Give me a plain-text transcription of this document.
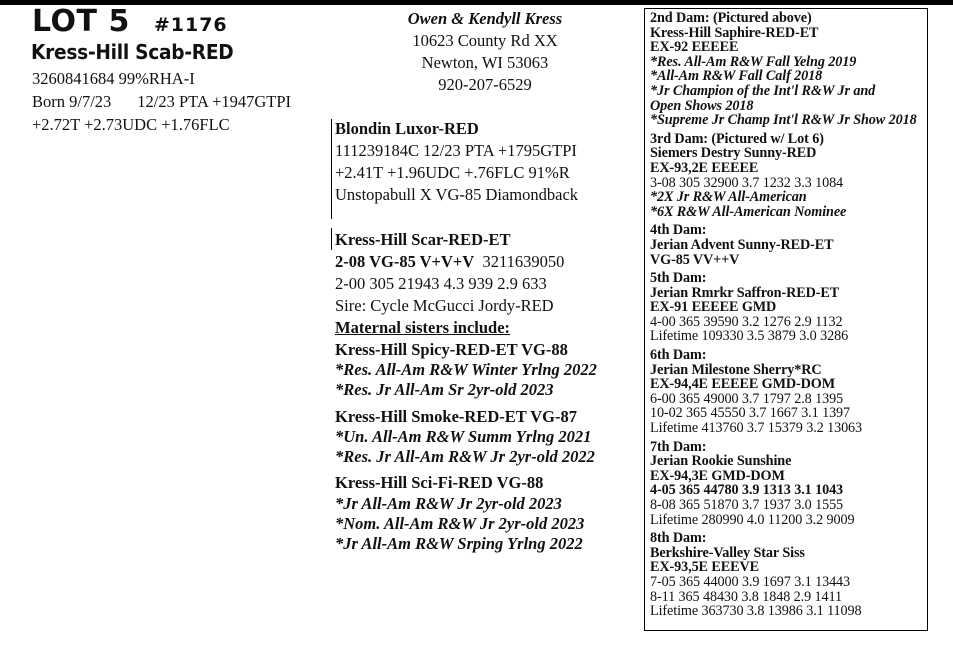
LOT 5 #1176
Kress-Hill Scab-RED
3260841684 99%RHA-I
Born 9/7/23 12/23 PTA +1947GTPI
+2.72T +2.73UDC +1.76FLC
Owen & Kendyll Kress
10623 County Rd XX
Newton, WI 53063
920-207-6529
Blondin Luxor-RED
111239184C 12/23 PTA +1795GTPI
+2.41T +1.96UDC +.76FLC 91%R
Unstopabull X VG-85 Diamondback
Kress-Hill Scar-RED-ET
2-08 VG-85 V+V+V 3211639050
2-00 305 21943 4.3 939 2.9 633
Sire: Cycle McGucci Jordy-RED
Maternal sisters include:
Kress-Hill Spicy-RED-ET VG-88
*Res. All-Am R&W Winter Yrlng 2022
*Res. Jr All-Am Sr 2yr-old 2023
Kress-Hill Smoke-RED-ET VG-87
*Un. All-Am R&W Summ Yrlng 2021
*Res. Jr All-Am R&W Jr 2yr-old 2022
Kress-Hill Sci-Fi-RED VG-88
*Jr All-Am R&W Jr 2yr-old 2023
*Nom. All-Am R&W Jr 2yr-old 2023
*Jr All-Am R&W Srping Yrlng 2022
2nd Dam: (Pictured above)
Kress-Hill Saphire-RED-ET
EX-92 EEEEE
*Res. All-Am R&W Fall Yelng 2019
*All-Am R&W Fall Calf 2018
*Jr Champion of the Int'l R&W Jr and
Open Shows 2018
*Supreme Jr Champ Int'l R&W Jr Show 2018
3rd Dam: (Pictured w/ Lot 6)
Siemers Destry Sunny-RED
EX-93,2E EEEEE
3-08 305 32900 3.7 1232 3.3 1084
*2X Jr R&W All-American
*6X R&W All-American Nominee
4th Dam:
Jerian Advent Sunny-RED-ET
VG-85 VV++V
5th Dam:
Jerian Rmrkr Saffron-RED-ET
EX-91 EEEEE GMD
4-00 365 39590 3.2 1276 2.9 1132
Lifetime 109330 3.5 3879 3.0 3286
6th Dam:
Jerian Milestone Sherry*RC
EX-94,4E EEEEE GMD-DOM
6-00 365 49000 3.7 1797 2.8 1395
10-02 365 45550 3.7 1667 3.1 1397
Lifetime 413760 3.7 15379 3.2 13063
7th Dam:
Jerian Rookie Sunshine
EX-94,3E GMD-DOM
4-05 365 44780 3.9 1313 3.1 1043
8-08 365 51870 3.7 1937 3.0 1555
Lifetime 280990 4.0 11200 3.2 9009
8th Dam:
Berkshire-Valley Star Siss
EX-93,5E EEEVE
7-05 365 44000 3.9 1697 3.1 13443
8-11 365 48430 3.8 1848 2.9 1411
Lifetime 363730 3.8 13986 3.1 11098
